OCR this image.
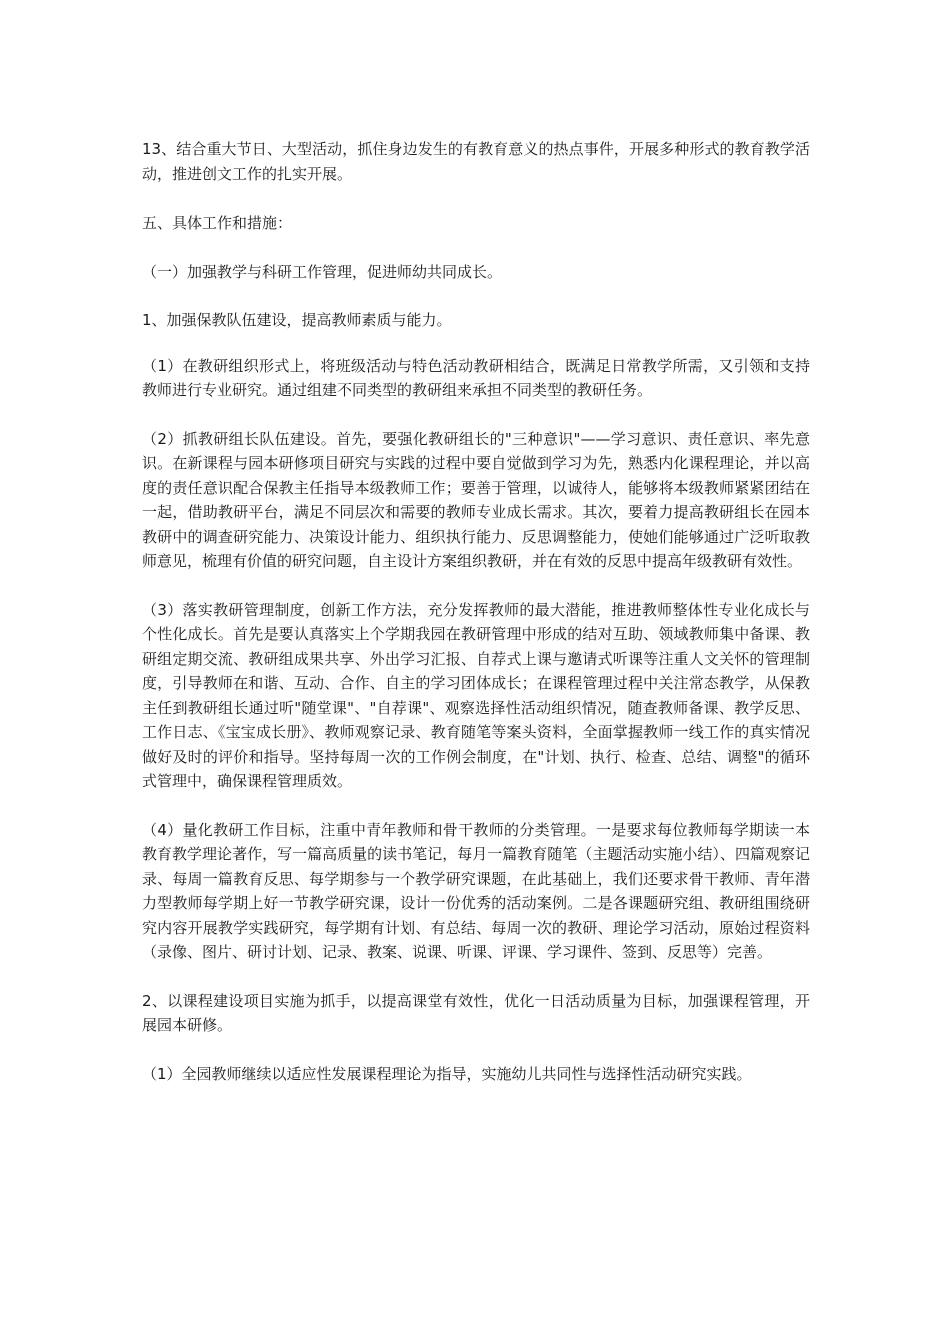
13、结合重大节日、大型活动，抓住身边发生的有教育意义的热点事件，开展多种形式的教育教学活动，推进创文工作的扎实开展。

五、具体工作和措施：

（一）加强教学与科研工作管理，促进师幼共同成长。

1、加强保教队伍建设，提高教师素质与能力。

（1）在教研组织形式上，将班级活动与特色活动教研相结合，既满足日常教学所需，又引领和支持教师进行专业研究。通过组建不同类型的教研组来承担不同类型的教研任务。

（2）抓教研组长队伍建设。首先，要强化教研组长的"三种意识"——学习意识、责任意识、率先意识。在新课程与园本研修项目研究与实践的过程中要自觉做到学习为先，熟悉内化课程理论，并以高度的责任意识配合保教主任指导本级教师工作；要善于管理，以诚待人，能够将本级教师紧紧团结在一起，借助教研平台，满足不同层次和需要的教师专业成长需求。其次，要着力提高教研组长在园本教研中的调查研究能力、决策设计能力、组织执行能力、反思调整能力，使她们能够通过广泛听取教师意见，梳理有价值的研究问题，自主设计方案组织教研，并在有效的反思中提高年级教研有效性。

（3）落实教研管理制度，创新工作方法，充分发挥教师的最大潜能，推进教师整体性专业化成长与个性化成长。首先是要认真落实上个学期我园在教研管理中形成的结对互助、领域教师集中备课、教研组定期交流、教研组成果共享、外出学习汇报、自荐式上课与邀请式听课等注重人文关怀的管理制度，引导教师在和谐、互动、合作、自主的学习团体成长；在课程管理过程中关注常态教学，从保教主任到教研组长通过听"随堂课"、"自荐课"、观察选择性活动组织情况，随查教师备课、教学反思、工作日志、《宝宝成长册》、教师观察记录、教育随笔等案头资料，全面掌握教师一线工作的真实情况做好及时的评价和指导。坚持每周一次的工作例会制度，在"计划、执行、检查、总结、调整"的循环式管理中，确保课程管理质效。

（4）量化教研工作目标，注重中青年教师和骨干教师的分类管理。一是要求每位教师每学期读一本教育教学理论著作，写一篇高质量的读书笔记，每月一篇教育随笔（主题活动实施小结）、四篇观察记录、每周一篇教育反思、每学期参与一个教学研究课题，在此基础上，我们还要求骨干教师、青年潜力型教师每学期上好一节教学研究课，设计一份优秀的活动案例。二是各课题研究组、教研组围绕研究内容开展教学实践研究，每学期有计划、有总结、每周一次的教研、理论学习活动，原始过程资料（录像、图片、研讨计划、记录、教案、说课、听课、评课、学习课件、签到、反思等）完善。

2、以课程建设项目实施为抓手，以提高课堂有效性，优化一日活动质量为目标，加强课程管理，开展园本研修。

（1）全园教师继续以适应性发展课程理论为指导，实施幼儿共同性与选择性活动研究实践。
